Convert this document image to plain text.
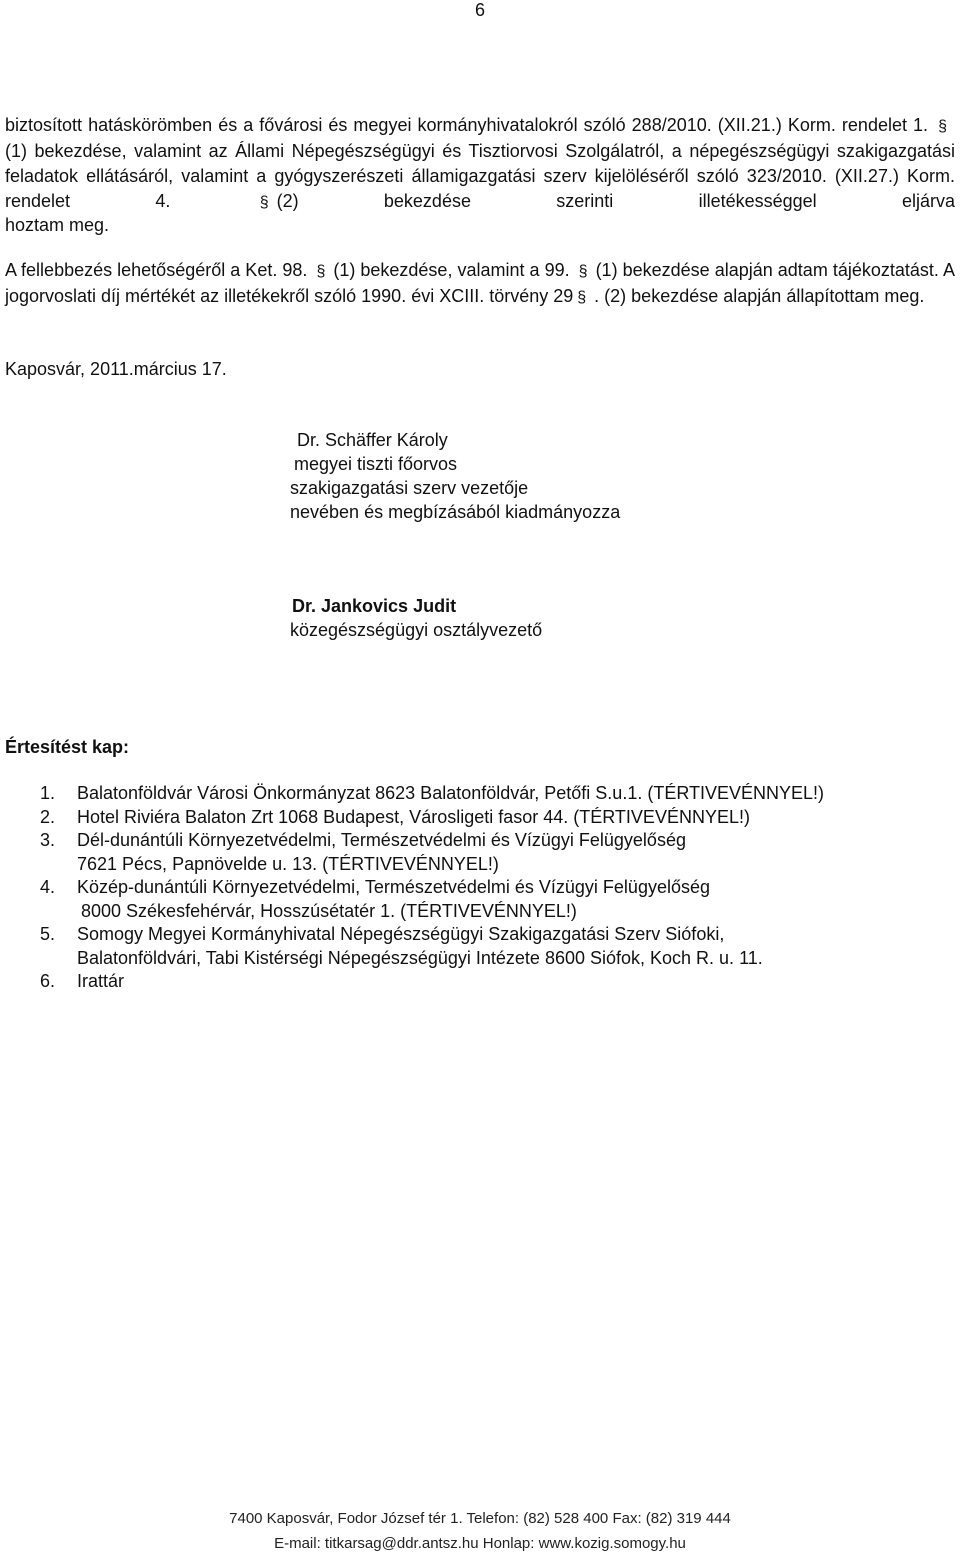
6

biztosított hatáskörömben és a fővárosi és megyei kormányhivatalokról szóló 288/2010. (XII.21.) Korm. rendelet 1. §(1) bekezdése, valamint az Állami Népegészségügyi és Tisztiorvosi Szolgálatról, a népegészségügyi szakigazgatási feladatok ellátásáról, valamint a gyógyszerészeti államigazgatási szerv kijelöléséről szóló 323/2010. (XII.27.) Korm. rendelet 4.	§ (2) bekezdése szerinti illetékességgel eljárva

hoztam meg.

A fellebbezés lehetőségéről a Ket. 98. § (1) bekezdése, valamint a 99. § (1) bekezdése alapján adtam tájékoztatást. A jogorvoslati díj mértékét az illetékekről szóló 1990. évi XCIII. törvény 29 § . (2) bekezdése alapján állapítottam meg.

Kaposvár, 2011.március 17.

Dr. Schäffer Károly
megyei tiszti főorvos
szakigazgatási szerv vezetője
nevében és megbízásából kiadmányozza
Dr. Jankovics Judit
közegészségügyi osztályvezető

Értesítést kap:

1. Balatonföldvár Városi Önkormányzat 8623 Balatonföldvár, Petőfi S.u.1. (TÉRTIVEVÉNNYEL!)
2. Hotel Riviéra Balaton Zrt 1068 Budapest, Városligeti fasor 44. (TÉRTIVEVÉNNYEL!)
3. Dél-dunántúli Környezetvédelmi, Természetvédelmi és Vízügyi Felügyelőség
7621 Pécs, Papnövelde u. 13. (TÉRTIVEVÉNNYEL!)
4. Közép-dunántúli Környezetvédelmi, Természetvédelmi és Vízügyi Felügyelőség
8000 Székesfehérvár, Hosszúsétatér 1. (TÉRTIVEVÉNNYEL!)
5. Somogy Megyei Kormányhivatal Népegészségügyi Szakigazgatási Szerv Siófoki,
Balatonföldvári, Tabi Kistérségi Népegészségügyi Intézete 8600 Siófok, Koch R. u. 11.
6. Irattár
7400 Kaposvár, Fodor József tér 1. Telefon: (82) 528 400 Fax: (82) 319 444
E-mail: titkarsag@ddr.antsz.hu Honlap: www.kozig.somogy.hu
